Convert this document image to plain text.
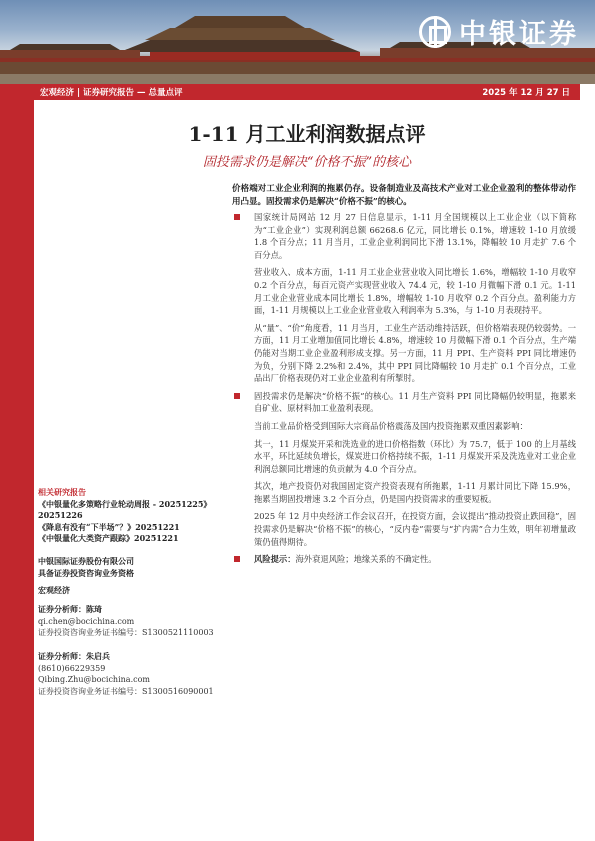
中银证券
宏观经济 | 证券研究报告 — 总量点评	2025 年 12 月 27 日
1-11 月工业利润数据点评
固投需求仍是解决“价格不振”的核心
价格端对工业企业利润的拖累仍存。设备制造业及高技术产业对工业企业盈利的整体带动作用凸显。固投需求仍是解决“价格不振”的核心。
国家统计局网站 12 月 27 日信息显示，1-11 月全国规模以上工业企业（以下简称为“工业企业”）实现利润总额 66268.6 亿元，同比增长 0.1%，增速较 1-10 月放缓 1.8 个百分点；11 月当月，工业企业利润同比下滑 13.1%，降幅较 10 月走扩 7.6 个百分点。
营业收入、成本方面，1-11 月工业企业营业收入同比增长 1.6%，增幅较 1-10 月收窄 0.2 个百分点，每百元资产实现营业收入 74.4 元，较 1-10 月微幅下滑 0.1 元。1-11 月工业企业营业成本同比增长 1.8%，增幅较 1-10 月收窄 0.2 个百分点。盈利能力方面，1-11 月规模以上工业企业营业收入利润率为 5.3%，与 1-10 月表现持平。
从“量”、“价”角度看，11 月当月，工业生产活动维持活跃，但价格端表现仍较弱势。一方面，11 月工业增加值同比增长 4.8%，增速较 10 月微幅下滑 0.1 个百分点，生产端仍能对当期工业企业盈利形成支撑。另一方面，11 月 PPI、生产资料 PPI 同比增速仍为负，分别下降 2.2%和 2.4%，其中 PPI 同比降幅较 10 月走扩 0.1 个百分点，工业品出厂价格表现仍对工业企业盈利有所掣肘。
固投需求仍是解决“价格不振”的核心。11 月生产资料 PPI 同比降幅仍较明显，拖累来自矿业、原材料加工业盈利表现。
当前工业品价格受到国际大宗商品价格震荡及国内投资拖累双重因素影响：
其一，11 月煤炭开采和洗选业的进口价格指数（环比）为 75.7，低于 100 的上月基线水平，环比延续负增长，煤炭进口价格持续不振，1-11 月煤炭开采及洗选业对工业企业利润总额同比增速的负贡献为 4.0 个百分点。
其次，地产投资仍对我国固定资产投资表现有所拖累，1-11 月累计同比下降 15.9%，拖累当期固投增速 3.2 个百分点，仍是国内投资需求的重要短板。
2025 年 12 月中央经济工作会议召开，在投资方面，会议提出“推动投资止跌回稳”，固投需求仍是解决“价格不振”的核心，“反内卷”需要与“扩内需”合力生效，明年初增量政策仍值得期待。
风险提示：海外衰退风险；地缘关系的不确定性。
相关研究报告
《中银量化多策略行业轮动周报 - 20251225》20251226
《降息有没有“下半场”？》20251221
《中银量化大类资产跟踪》20251221
中银国际证券股份有限公司
具备证券投资咨询业务资格
宏观经济
证券分析师：陈琦
qi.chen@bocichina.com
证券投资咨询业务证书编号：S1300521110003
证券分析师：朱启兵
(8610)66229359
Qibing.Zhu@bocichina.com
证券投资咨询业务证书编号：S1300516090001
